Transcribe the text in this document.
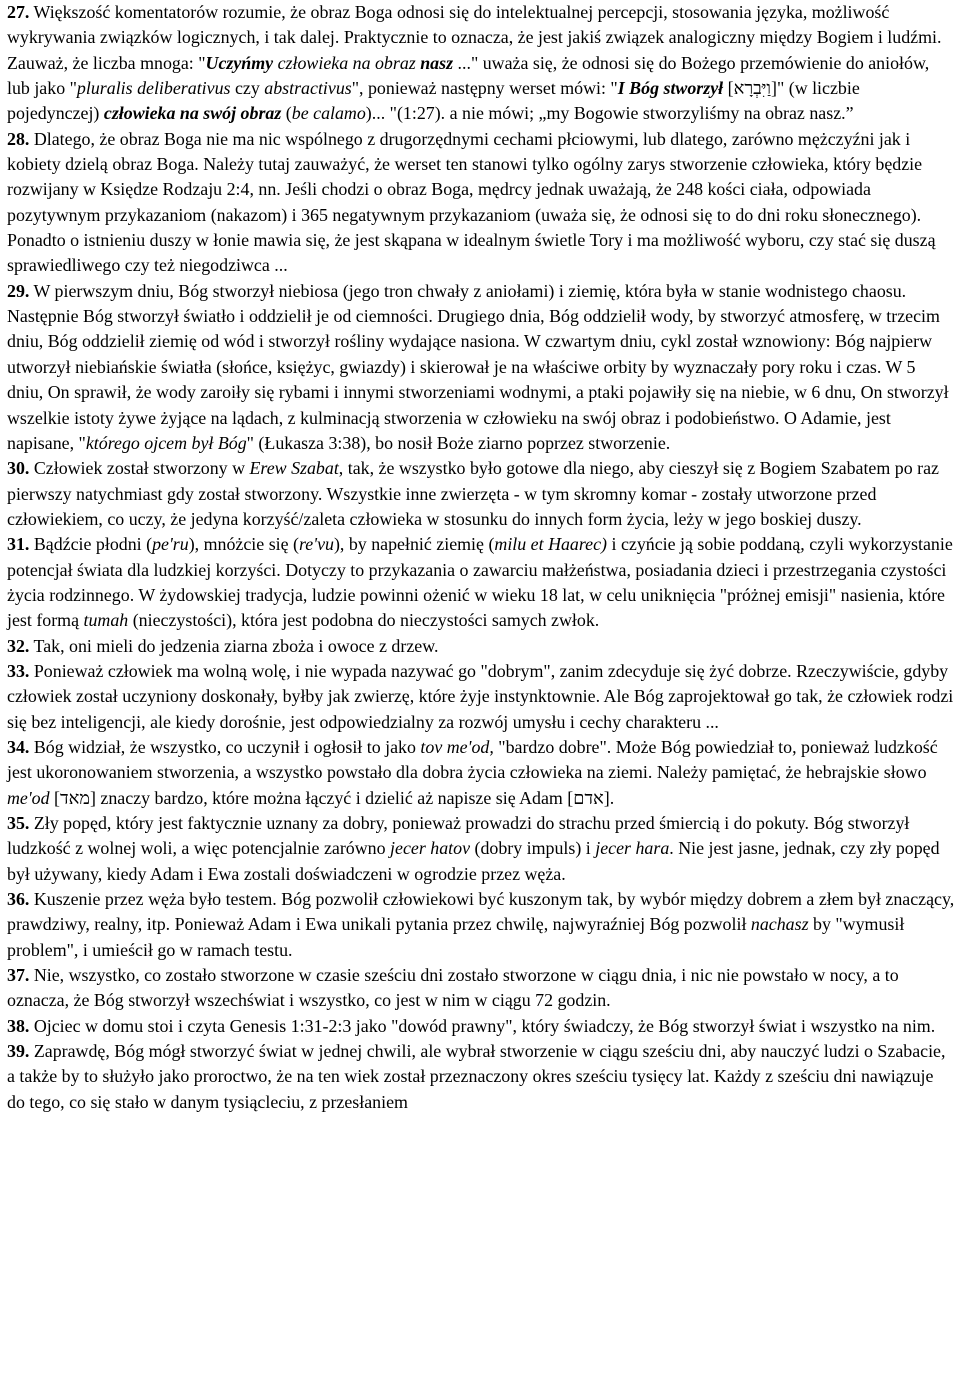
27. Większość komentatorów rozumie, że obraz Boga odnosi się do intelektualnej percepcji, stosowania języka, możliwość wykrywania związków logicznych, i tak dalej. Praktycznie to oznacza, że jest jakiś związek analogiczny między Bogiem i ludźmi. Zauważ, że liczba mnoga: "Uczyńmy człowieka na obraz nasz ..." uważa się, że odnosi się do Bożego przemówienie do aniołów, lub jako "pluralis deliberativus czy abstractivus", ponieważ następny werset mówi: "I Bóg stworzył [וַיִּבְרָא]" (w liczbie pojedynczej) człowieka na swój obraz (be calamo)... "(1:27). a nie mówi; „my Bogowie stworzyliśmy na obraz nasz.”

28. Dlatego, że obraz Boga nie ma nic wspólnego z drugorzędnymi cechami płciowymi, lub dlatego, zarówno mężczyźni jak i kobiety dzielą obraz Boga. Należy tutaj zauważyć, że werset ten stanowi tylko ogólny zarys stworzenie człowieka, który będzie rozwijany w Księdze Rodzaju 2:4, nn. Jeśli chodzi o obraz Boga, mędrcy jednak uważają, że 248 kości ciała, odpowiada pozytywnym przykazaniom (nakazom) i 365 negatywnym przykazaniom (uważa się, że odnosi się to do dni roku słonecznego). Ponadto o istnieniu duszy w łonie mawia się, że jest skąpana w idealnym świetle Tory i ma możliwość wyboru, czy stać się duszą sprawiedliwego czy też niegodziwca ...

29. W pierwszym dniu, Bóg stworzył niebiosa (jego tron chwały z aniołami) i ziemię, która była w stanie wodnistego chaosu. Następnie Bóg stworzył światło i oddzielił je od ciemności. Drugiego dnia, Bóg oddzielił wody, by stworzyć atmosferę, w trzecim dniu, Bóg oddzielił ziemię od wód i stworzył rośliny wydające nasiona. W czwartym dniu, cykl został wznowiony: Bóg najpierw utworzył niebiańskie światła (słońce, księżyc, gwiazdy) i skierował je na właściwe orbity by wyznaczały pory roku i czas. W 5 dniu, On sprawił, że wody zaroiły się rybami i innymi stworzeniami wodnymi, a ptaki pojawiły się na niebie, w 6 dnu, On stworzył wszelkie istoty żywe żyjące na lądach, z kulminacją stworzenia w człowieku na swój obraz i podobieństwo. O Adamie, jest napisane, "którego ojcem był Bóg" (Łukasza 3:38), bo nosił Boże ziarno poprzez stworzenie.

30. Człowiek został stworzony w Erew Szabat, tak, że wszystko było gotowe dla niego, aby cieszył się z Bogiem Szabatem po raz pierwszy natychmiast gdy został stworzony. Wszystkie inne zwierzęta - w tym skromny komar - zostały utworzone przed człowiekiem, co uczy, że jedyna korzyść/zaleta człowieka w stosunku do innych form życia, leży w jego boskiej duszy.

31. Bądźcie płodni (pe'ru), mnóżcie się (re'vu), by napełnić ziemię (milu et Haarec) i czyńcie ją sobie poddaną, czyli wykorzystanie potencjał świata dla ludzkiej korzyści. Dotyczy to przykazania o zawarciu małżeństwa, posiadania dzieci i przestrzegania czystości życia rodzinnego. W żydowskiej tradycja, ludzie powinni ożenić w wieku 18 lat, w celu uniknięcia "próżnej emisji" nasienia, które jest formą tumah (nieczystości), która jest podobna do nieczystości samych zwłok.

32. Tak, oni mieli do jedzenia ziarna zboża i owoce z drzew.

33. Ponieważ człowiek ma wolną wolę, i nie wypada nazywać go "dobrym", zanim zdecyduje się żyć dobrze. Rzeczywiście, gdyby człowiek został uczyniony doskonały, byłby jak zwierzę, które żyje instynktownie. Ale Bóg zaprojektował go tak, że człowiek rodzi się bez inteligencji, ale kiedy dorośnie, jest odpowiedzialny za rozwój umysłu i cechy charakteru ...

34. Bóg widział, że wszystko, co uczynił i ogłosił to jako tov me'od, "bardzo dobre". Może Bóg powiedział to, ponieważ ludzkość jest ukoronowaniem stworzenia, a wszystko powstało dla dobra życia człowieka na ziemi. Należy pamiętać, że hebrajskie słowo me'od [מאד] znaczy bardzo, które można łączyć i dzielić aż napisze się Adam [אדם].

35. Zły popęd, który jest faktycznie uznany za dobry, ponieważ prowadzi do strachu przed śmiercią i do pokuty. Bóg stworzył ludzkość z wolnej woli, a więc potencjalnie zarówno jecer hatov (dobry impuls) i jecer hara. Nie jest jasne, jednak, czy zły popęd był używany, kiedy Adam i Ewa zostali doświadczeni w ogrodzie przez węża.

36. Kuszenie przez węża było testem. Bóg pozwolił człowiekowi być kuszonym tak, by wybór między dobrem a złem był znaczący, prawdziwy, realny, itp. Ponieważ Adam i Ewa unikali pytania przez chwilę, najwyraźniej Bóg pozwolił nachasz by "wymusił problem", i umieścił go w ramach testu.

37. Nie, wszystko, co zostało stworzone w czasie sześciu dni zostało stworzone w ciągu dnia, i nic nie powstało w nocy, a to oznacza, że Bóg stworzył wszechświat i wszystko, co jest w nim w ciągu 72 godzin.

38. Ojciec w domu stoi i czyta Genesis 1:31-2:3 jako "dowód prawny", który świadczy, że Bóg stworzył świat i wszystko na nim.

39. Zaprawdę, Bóg mógł stworzyć świat w jednej chwili, ale wybrał stworzenie w ciągu sześciu dni, aby nauczyć ludzi o Szabacie, a także by to służyło jako proroctwo, że na ten wiek został przeznaczony okres sześciu tysięcy lat. Każdy z sześciu dni nawiązuje do tego, co się stało w danym tysiącleciu, z przesłaniem
